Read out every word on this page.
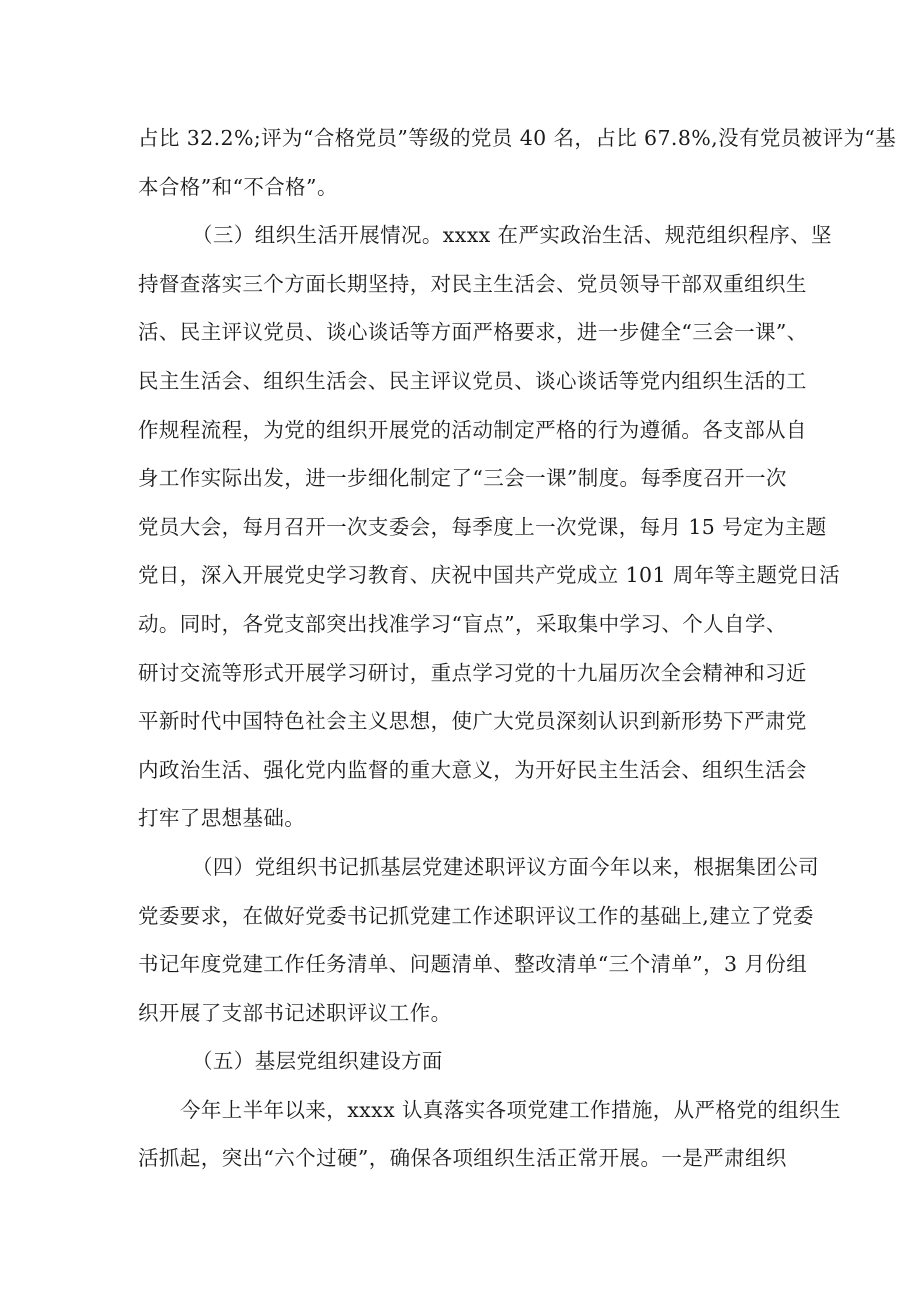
占比 32.2%;评为“合格党员”等级的党员 40 名，占比 67.8%,没有党员被评为“基
本合格”和“不合格”。
（三）组织生活开展情况。xxxx 在严实政治生活、规范组织程序、坚
持督查落实三个方面长期坚持，对民主生活会、党员领导干部双重组织生
活、民主评议党员、谈心谈话等方面严格要求，进一步健全“三会一课”、
民主生活会、组织生活会、民主评议党员、谈心谈话等党内组织生活的工
作规程流程，为党的组织开展党的活动制定严格的行为遵循。各支部从自
身工作实际出发，进一步细化制定了“三会一课”制度。每季度召开一次
党员大会，每月召开一次支委会，每季度上一次党课，每月 15 号定为主题
党日，深入开展党史学习教育、庆祝中国共产党成立 101 周年等主题党日活
动。同时，各党支部突出找准学习“盲点”，采取集中学习、个人自学、
研讨交流等形式开展学习研讨，重点学习党的十九届历次全会精神和习近
平新时代中国特色社会主义思想，使广大党员深刻认识到新形势下严肃党
内政治生活、强化党内监督的重大意义，为开好民主生活会、组织生活会
打牢了思想基础。
（四）党组织书记抓基层党建述职评议方面今年以来，根据集团公司
党委要求，在做好党委书记抓党建工作述职评议工作的基础上,建立了党委
书记年度党建工作任务清单、问题清单、整改清单“三个清单”，3 月份组
织开展了支部书记述职评议工作。
（五）基层党组织建设方面
今年上半年以来，xxxx 认真落实各项党建工作措施，从严格党的组织生
活抓起，突出“六个过硬”，确保各项组织生活正常开展。一是严肃组织
